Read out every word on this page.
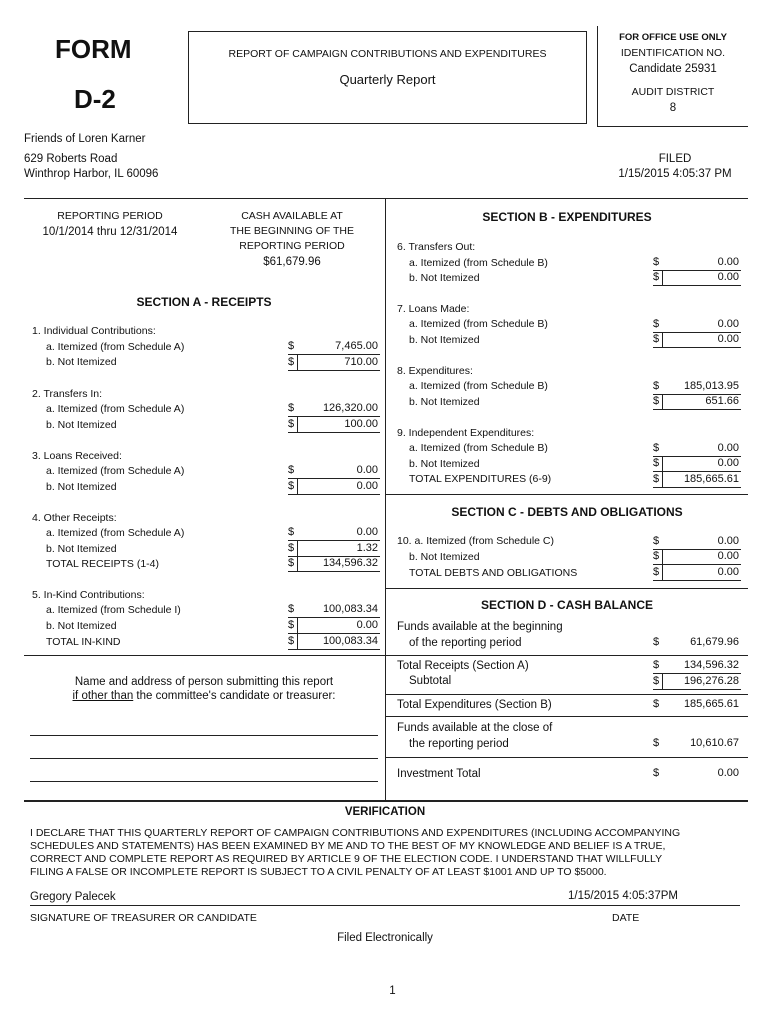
FORM
D-2
REPORT OF CAMPAIGN CONTRIBUTIONS AND EXPENDITURES
Quarterly Report
FOR OFFICE USE ONLY
IDENTIFICATION NO.
Candidate 25931
AUDIT DISTRICT
8
Friends of Loren Karner
629 Roberts Road
Winthrop Harbor, IL 60096
FILED
1/15/2015 4:05:37 PM
REPORTING PERIOD
10/1/2014 thru 12/31/2014
CASH AVAILABLE AT
THE BEGINNING OF THE
REPORTING PERIOD
$61,679.96
SECTION A - RECEIPTS
1. Individual Contributions:
a. Itemized (from Schedule A)	$	7,465.00
b. Not Itemized	$	710.00
2. Transfers In:
a. Itemized (from Schedule A)	$	126,320.00
b. Not Itemized	$	100.00
3. Loans Received:
a. Itemized (from Schedule A)	$	0.00
b. Not Itemized	$	0.00
4. Other Receipts:
a. Itemized (from Schedule A)	$	0.00
b. Not Itemized	$	1.32
TOTAL RECEIPTS (1-4)	$	134,596.32
5. In-Kind Contributions:
a. Itemized (from Schedule I)	$	100,083.34
b. Not Itemized	$	0.00
TOTAL IN-KIND	$	100,083.34
Name and address of person submitting this report
if other than the committee's candidate or treasurer:
SECTION B - EXPENDITURES
6. Transfers Out:
a. Itemized (from Schedule B)	$	0.00
b. Not Itemized	$	0.00
7. Loans Made:
a. Itemized (from Schedule B)	$	0.00
b. Not Itemized	$	0.00
8. Expenditures:
a. Itemized (from Schedule B)	$ 185,013.95
b. Not Itemized	$	651.66
9. Independent Expenditures:
a. Itemized (from Schedule B)	$	0.00
b. Not Itemized	$	0.00
TOTAL EXPENDITURES (6-9)	$ 185,665.61
SECTION C - DEBTS AND OBLIGATIONS
10. a. Itemized (from Schedule C)	$	0.00
b. Not Itemized	$	0.00
TOTAL DEBTS AND OBLIGATIONS	$	0.00
SECTION D - CASH BALANCE
Funds available at the beginning
of the reporting period	$	61,679.96
Total Receipts (Section A)	$ 134,596.32
Subtotal	$ 196,276.28
Total Expenditures (Section B)	$ 185,665.61
Funds available at the close of
the reporting period	$	10,610.67
Investment Total	$	0.00
VERIFICATION
I DECLARE THAT THIS QUARTERLY REPORT OF CAMPAIGN CONTRIBUTIONS AND EXPENDITURES (INCLUDING ACCOMPANYING
SCHEDULES AND STATEMENTS) HAS BEEN EXAMINED BY ME AND TO THE BEST OF MY KNOWLEDGE AND BELIEF IS A TRUE,
CORRECT AND COMPLETE REPORT AS REQUIRED BY ARTICLE 9 OF THE ELECTION CODE. I UNDERSTAND THAT WILLFULLY
FILING A FALSE OR INCOMPLETE REPORT IS SUBJECT TO A CIVIL PENALTY OF AT LEAST $1001 AND UP TO $5000.
Gregory Palecek	1/15/2015 4:05:37PM
SIGNATURE OF TREASURER OR CANDIDATE	DATE
Filed Electronically
1
